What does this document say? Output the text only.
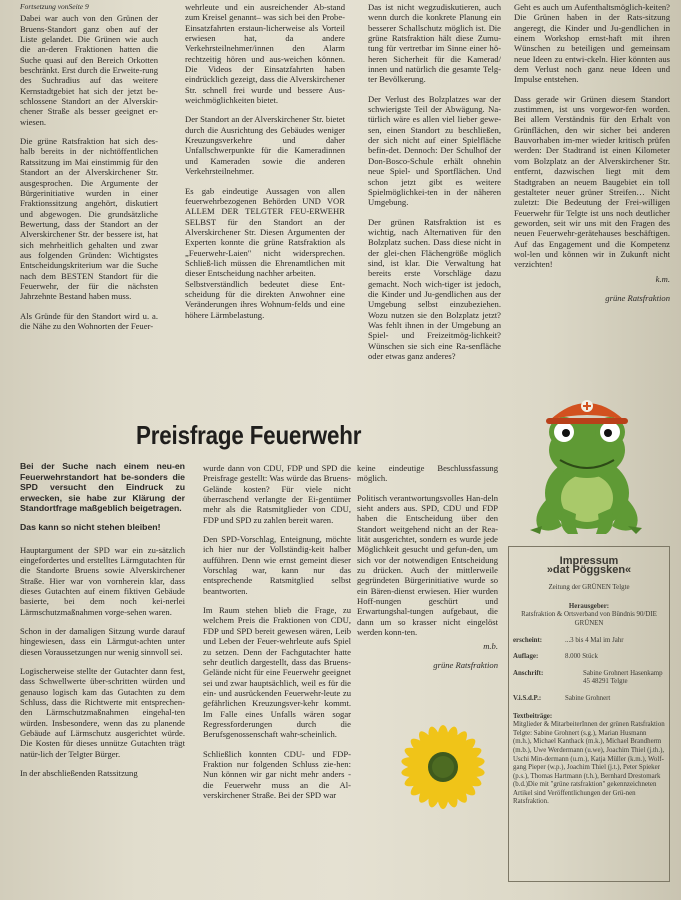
Fortsetzung vonSeite 9

Dabei war auch von den Grünen der Bruens-Standort ganz oben auf der Liste gelandet. Die Grünen wie auch die an-deren Fraktionen hatten die Suche quasi auf den Bereich Orkotten beschränkt. Erst durch die Erweite-rung des Suchradius auf das weitere Kernstadtgebiet hat sich der jetzt be-schlossene Standort an der Alverskir-chener Straße als besser geeignet er-wiesen.

Die grüne Ratsfraktion hat sich des-halb bereits in der nichtöffentlichen Ratssitzung im Mai einstimmig für den Standort an der Alverskirchener Str. ausgesprochen. Die Argumente der Bürgerinitiative wurden in einer Fraktionssitzung angehört, diskutiert und abgewogen. Die grundsätzliche Bewertung, dass der Standort an der Alverskirchener Str. der bessere ist, hat sich mehrheitlich gehalten und zwar aus folgenden Gründen: Wichtigstes Entscheidungskriterium war die Suche nach dem BESTEN Standort für die Feuerwehr, der für die nächsten Jahrzehnte Bestand haben muss.

Als Gründe für den Standort wird u. a. die Nähe zu den Wohnorten der Feuer-

wehrleute und ein ausreichender Ab-stand zum Kreisel genannt– was sich bei den Probe-Einsatzfahrten erstaun-licherweise als Vorteil erwiesen hat, da andere Verkehrsteilnehmer/innen den Alarm rechtzeitig hören und aus-weichen können. Die Videos der Einsatzfahrten haben eindrücklich gezeigt, dass die Alverskirchener Str. schnell frei wurde und bessere Aus-weichmöglichkeiten bietet.

Der Standort an der Alverskirchener Str. bietet durch die Ausrichtung des Gebäudes weniger Kreuzungsverkehre und daher Unfallschwerpunkte für die Kameradinnen und Kameraden sowie die anderen Verkehrsteilnehmer.

Es gab eindeutige Aussagen von allen feuerwehrbezogenen Behörden UND VOR ALLEM DER TELGTER FEU-ERWEHR SELBST für den Standort an der Alverskirchener Str. Diesen Argumenten der Experten konnte die grüne Ratsfraktion als „Feuerwehr-Laien" nicht widersprechen. Schließ-lich müssen die Ehrenamtlichen mit dieser Entscheidung nachher arbeiten.

Selbstverständlich bedeutet diese Ent-scheidung für die direkten Anwohner eine Veränderungen ihres Wohnum-felds und eine höhere Lärmbelastung.

Das ist nicht wegzudiskutieren, auch wenn durch die konkrete Planung ein besserer Schallschutz möglich ist. Die grüne Ratsfraktion hält diese Zumu-tung für vertretbar im Sinne einer hö-heren Sicherheit für die Kamerad/ innen und natürlich die gesamte Telg-ter Bevölkerung.

Der Verlust des Bolzplatzes war der schwierigste Teil der Abwägung. Na-türlich wäre es allen viel lieber gewe-sen, einen Standort zu beschließen, der sich nicht auf einer Spielfläche befin-det. Dennoch: Der Schulhof der Don-Bosco-Schule erhält ohnehin neue Spiel- und Sportflächen. Und schon jetzt gibt es weitere Spielmöglichkei-ten in der näheren Umgebung.

Der grünen Ratsfraktion ist es wichtig, nach Alternativen für den Bolzplatz suchen. Dass diese nicht in der glei-chen Flächengröße möglich sind, ist klar. Die Verwaltung hat bereits erste Vorschläge dazu gemacht. Noch wich-tiger ist jedoch, die Kinder und Ju-gendlichen aus der Umgebung selbst einzubeziehen. Wozu nutzen sie den Bolzplatz jetzt? Was fehlt ihnen in der Umgebung an Spiel- und Freizeitmög-lichkeit? Wünschen sie sich eine Ra-senfläche oder etwas ganz anderes?

Geht es auch um Aufenthaltsmöglich-keiten? Die Grünen haben in der Rats-sitzung angeregt, die Kinder und Ju-gendlichen in einem Workshop ernst-haft mit ihren Wünschen zu beteiligen und gemeinsam neue Ideen zu entwi-ckeln. Hier könnten aus dem Verlust noch ganz neue Ideen und Impulse entstehen.

Dass gerade wir Grünen diesem Standort zustimmen, ist uns vorgewor-fen worden. Bei allem Verständnis für den Erhalt von Grünflächen, den wir sicher bei anderen Bauvorhaben im-mer wieder kritisch prüfen werden: Der Stadtrand ist einen Kilometer vom Bolzplatz an der Alverskirchener Str. entfernt, dazwischen liegt mit dem Stadtgraben an neuem Baugebiet ein toll gestalteter neuer grüner Streifen… Nicht zuletzt: Die Bedeutung der Frei-willigen Feuerwehr für Telgte ist uns noch deutlicher geworden, seit wir uns mit den Fragen des neuen Feuerwehr-gerätehauses beschäftigen. Auf das Engagement und die Kompetenz wol-len und können wir in Zukunft nicht verzichten!

k.m.

grüne Ratsfraktion

Preisfrage Feuerwehr

Bei der Suche nach einem neu-en Feuerwehrstandort hat be-sonders die SPD versucht den Eindruck zu erwecken, sie habe zur Klärung der Standortfrage maßgeblich beigetragen.

Das kann so nicht stehen bleiben!

Hauptargument der SPD war ein zu-sätzlich eingefordertes und erstelltes Lärmgutachten für die Standorte Bruens sowie Alverskirchener Straße. Hier war von vornherein klar, dass dieses Gutachten auf einem fiktiven Gebäude basierte, bei dem noch kei-nerlei Lärmschutzmaßnahmen vorge-sehen waren.

Schon in der damaligen Sitzung wurde darauf hingewiesen, dass ein Lärmgut-achten unter diesen Voraussetzungen nur wenig sinnvoll sei.

Logischerweise stellte der Gutachter dann fest, dass Schwellwerte über-schritten würden und genauso logisch kam das Gutachten zu dem Schluss, dass die Richtwerte mit entsprechen-den Lärmschutzmaßnahmen eingehal-ten würden. Insbesondere, wenn das zu planende Gebäude auf Lärmschutz ausgerichtet würde. Die Kosten für dieses unnütze Gutachten trägt natür-lich der Telgter Bürger.

In der abschließenden Ratssitzung

wurde dann von CDU, FDP und SPD die Preisfrage gestellt: Was würde das Bruens-Gelände kosten? Für viele nicht überraschend verlangte der Ei-gentümer mehr als die Ratsmitglieder von CDU, FDP und SPD zu zahlen bereit waren.

Den SPD-Vorschlag, Enteignung, möchte ich hier nur der Vollständig-keit halber aufführen. Denn wie ernst gemeint dieser Vorschlag war, kann nur das entsprechende Ratsmitglied selbst beantworten.

Im Raum stehen blieb die Frage, zu welchem Preis die Fraktionen von CDU, FDP und SPD bereit gewesen wären, Leib und Leben der Feuer-wehrleute aufs Spiel zu setzen. Denn der Fachgutachter hatte sehr deutlich dargestellt, dass das Bruens-Gelände nicht für eine Feuerwehr geeignet sei und zwar hauptsächlich, weil es für die ein- und ausrückenden Feuerwehr-leute zu gefährlichen Kreuzungsver-kehr kommt. Im Falle eines Unfalls wären sogar Regressforderungen durch die Berufsgenossenschaft wahr-scheinlich.

Schließlich konnten CDU- und FDP-Fraktion nur folgenden Schluss zie-hen: Nun können wir gar nicht mehr anders - die Feuerwehr muss an die Al-verskirchener Straße. Bei der SPD war

keine eindeutige Beschlussfassung möglich.

Politisch verantwortungsvolles Han-deln sieht anders aus. SPD, CDU und FDP haben die Entscheidung über den Standort weitgehend nicht an der Rea-lität ausgerichtet, sondern es wurde jede Möglichkeit gesucht und gefun-den, um sich vor der notwendigen Entscheidung zu drücken. Auch der mittlerweile gegründeten Bürgerinitiative wurde so ein Bären-dienst erwiesen. Hier wurden Hoff-nungen geschürt und Erwartungshal-tungen aufgebaut, die dann um so krasser nicht eingelöst werden konn-ten.

m.b.

grüne Ratsfraktion

Impressum
»dat Pöggsken«
Zeitung der GRÜNEN Telgte
Herausgeber:
Ratsfraktion & Ortsverband von Bündnis 90/DIE GRÜNEN
erscheint:	...3 bis 4 Mal im Jahr
Auflage:	8.000 Stück
Anschrift:	Sabine Grohnert Hasenkamp 45 48291 Telgte
V.i.S.d.P.:	Sabine Grohnert
Textbeiträge:
Mitglieder & MitarbeiterInnen der grünen Ratsfraktion Telgte: Sabine Grohnert (s.g.), Marian Husmann (m.h.), Michael Kanthack (m.k.), Michael Brandherm (m.b.), Uwe Werdermann (u.we), Joachim Thiel (j.th.), Uschi Min-dermann (u.m.), Katja Müller (k.m.), Wolf-gang Pieper (w.p.), Joachim Thiel (j.t.), Peter Spieker (p.s.), Thomas Hartmann (t.h.), Bernhard Drestomark (b.d.)Die mit "grüne ratsfraktion" gekennzeichneten Artikel sind Veröffentlichungen der Grü-nen Ratsfraktion.
